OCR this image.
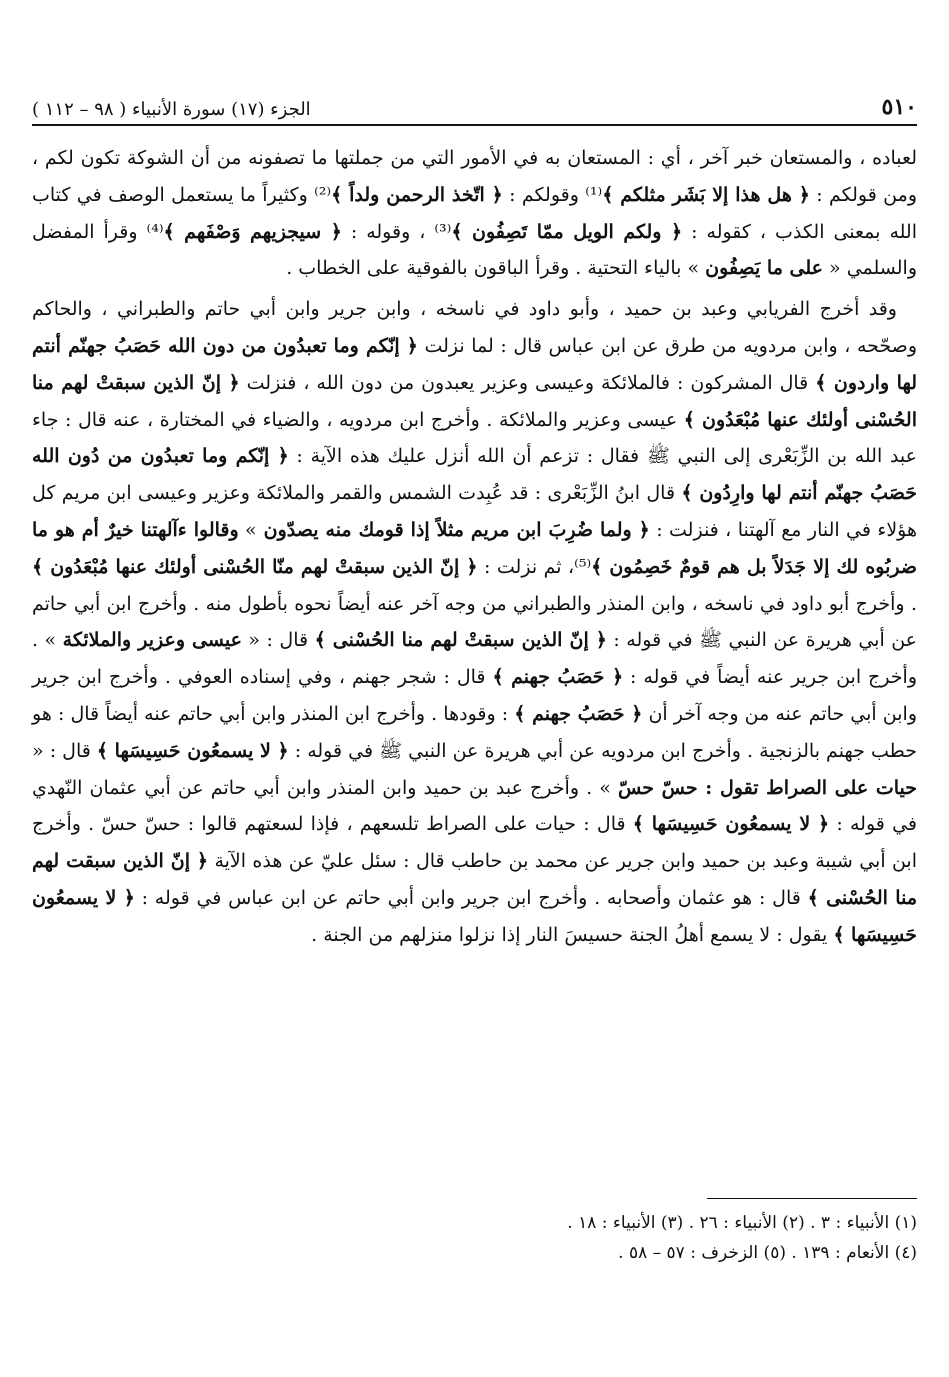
٥١٠
الجزء (١٧) سورة الأنبياء ( ٩٨ – ١١٢ )

لعباده ، والمستعان خبر آخر ، أي : المستعان به في الأمور التي من جملتها ما تصفونه من أن الشوكة تكون لكم ، ومن قولكم : ﴿ هل هذا إلا بَشَر مثلكم ﴾⁽¹⁾ وقولكم : ﴿ اتّخذ الرحمن ولداً ﴾⁽²⁾ وكثيراً ما يستعمل الوصف في كتاب الله بمعنى الكذب ، كقوله : ﴿ ولكم الويل ممّا تَصِفُون ﴾⁽³⁾ ، وقوله : ﴿ سيجزيهم وَصْفَهم ﴾⁽⁴⁾ وقرأ المفضل والسلمي « على ما يَصِفُون » بالياء التحتية . وقرأ الباقون بالفوقية على الخطاب .

وقد أخرج الفريابي وعبد بن حميد ، وأبو داود في ناسخه ، وابن جرير وابن أبي حاتم والطبراني ، والحاكم وصحّحه ، وابن مردويه من طرق عن ابن عباس قال : لما نزلت ﴿ إنّكم وما تعبدُون من دون الله حَصَبُ جهنّم أنتم لها واردون ﴾ قال المشركون : فالملائكة وعيسى وعزير يعبدون من دون الله ، فنزلت ﴿ إنّ الذين سبقتْ لهم منا الحُسْنى أولئك عنها مُبْعَدُون ﴾ عيسى وعزير والملائكة . وأخرج ابن مردويه ، والضياء في المختارة ، عنه قال : جاء عبد الله بن الزِّبَعْرى إلى النبي ﷺ فقال : تزعم أن الله أنزل عليك هذه الآية : ﴿ إنّكم وما تعبدُون من دُون الله حَصَبُ جهنّم أنتم لها وارِدُون ﴾ قال ابنُ الزِّبَعْرى : قد عُبِدت الشمس والقمر والملائكة وعزير وعيسى ابن مريم كل هؤلاء في النار مع آلهتنا ، فنزلت : ﴿ ولما ضُرِبَ ابن مريم مثلاً إذا قومك منه يصدّون » وقالوا ءآلهتنا خيرٌ أم هو ما ضربُوه لك إلا جَدَلاً بل هم قومٌ خَصِمُون ﴾⁽⁵⁾، ثم نزلت : ﴿ إنّ الذين سبقتْ لهم منّا الحُسْنى أولئك عنها مُبْعَدُون ﴾ . وأخرج أبو داود في ناسخه ، وابن المنذر والطبراني من وجه آخر عنه أيضاً نحوه بأطول منه . وأخرج ابن أبي حاتم عن أبي هريرة عن النبي ﷺ في قوله : ﴿ إنّ الذين سبقتْ لهم منا الحُسْنى ﴾ قال : « عيسى وعزير والملائكة » . وأخرج ابن جرير عنه أيضاً في قوله : ﴿ حَصَبُ جهنم ﴾ قال : شجر جهنم ، وفي إسناده العوفي . وأخرج ابن جرير وابن أبي حاتم عنه من وجه آخر أن ﴿ حَصَبُ جهنم ﴾ : وقودها . وأخرج ابن المنذر وابن أبي حاتم عنه أيضاً قال : هو حطب جهنم بالزنجية . وأخرج ابن مردويه عن أبي هريرة عن النبي ﷺ في قوله : ﴿ لا يسمعُون حَسِيسَها ﴾ قال : « حيات على الصراط تقول : حسّ حسّ » . وأخرج عبد بن حميد وابن المنذر وابن أبي حاتم عن أبي عثمان النّهدي في قوله : ﴿ لا يسمعُون حَسِيسَها ﴾ قال : حيات على الصراط تلسعهم ، فإذا لسعتهم قالوا : حسّ حسّ . وأخرج ابن أبي شيبة وعبد بن حميد وابن جرير عن محمد بن حاطب قال : سئل عليّ عن هذه الآية ﴿ إنّ الذين سبقت لهم منا الحُسْنى ﴾ قال : هو عثمان وأصحابه . وأخرج ابن جرير وابن أبي حاتم عن ابن عباس في قوله : ﴿ لا يسمعُون حَسِيسَها ﴾ يقول : لا يسمع أهلُ الجنة حسيسَ النار إذا نزلوا منزلهم من الجنة .

(١) الأنبياء : ٣ . (٢) الأنبياء : ٢٦ . (٣) الأنبياء : ١٨ .

(٤) الأنعام : ١٣٩ . (٥) الزخرف : ٥٧ – ٥٨ .
